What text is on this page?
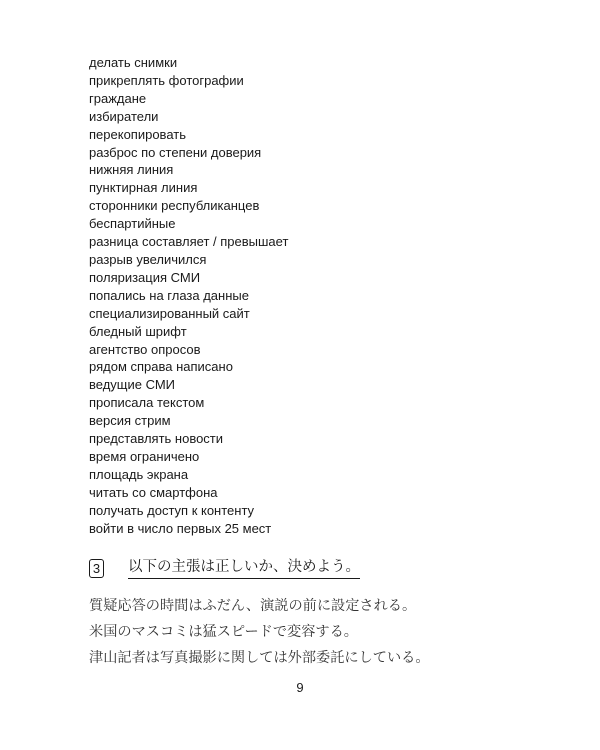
делать снимки
прикреплять фотографии
граждане
избиратели
перекопировать
разброс по степени доверия
нижняя линия
пунктирная линия
сторонники республиканцев
беспартийные
разница составляет / превышает
разрыв увеличился
поляризация СМИ
попались на глаза данные
специализированный сайт
бледный шрифт
агентство опросов
рядом справа написано
ведущие СМИ
прописала текстом
версия стрим
представлять новости
время ограничено
площадь экрана
читать со смартфона
получать доступ к контенту
войти в число первых 25 мест
3 以下の主張は正しいか、決めよう。
質疑応答の時間はふだん、演説の前に設定される。
米国のマスコミは猛スピードで変容する。
津山記者は写真撮影に関しては外部委託にしている。
9
